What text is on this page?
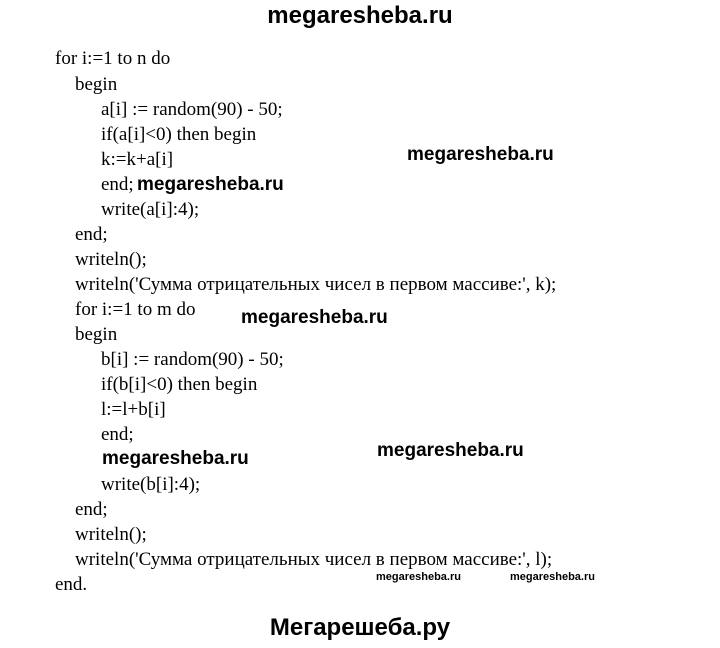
megaresheba.ru
for i:=1 to n do
begin
a[i] := random(90) - 50;
if(a[i]<0) then begin
k:=k+a[i]
end;
write(a[i]:4);
end;
writeln();
writeln('Сумма отрицательных чисел в первом массиве:', k);
for i:=1 to m do
begin
b[i] := random(90) - 50;
if(b[i]<0) then begin
l:=l+b[i]
end;
write(b[i]:4);
end;
writeln();
writeln('Сумма отрицательных чисел в первом массиве:', l);
end.
megaresheba.ru
megaresheba.ru
megaresheba.ru
megaresheba.ru
megaresheba.ru
megaresheba.ru	megaresheba.ru
Мегарешеба.ру
